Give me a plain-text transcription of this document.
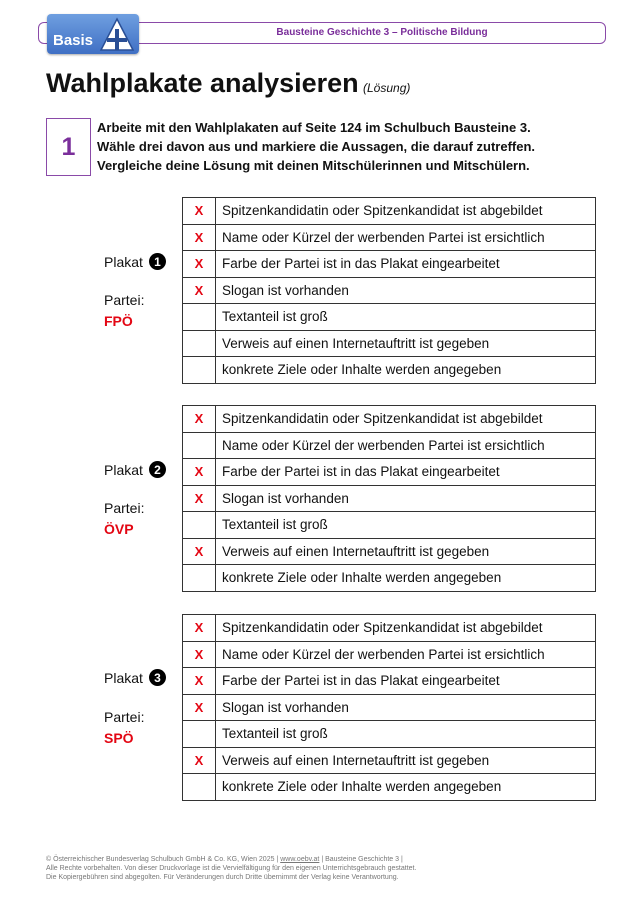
Bausteine Geschichte 3 – Politische Bildung
Basis
Wahlplakate analysieren (Lösung)
1
Arbeite mit den Wahlplakaten auf Seite 124 im Schulbuch Bausteine 3.
Wähle drei davon aus und markiere die Aussagen, die darauf zutreffen.
Vergleiche deine Lösung mit deinen Mitschülerinnen und Mitschülern.
Plakat 1
Partei:
FPÖ
X	Spitzenkandidatin oder Spitzenkandidat ist abgebildet
X	Name oder Kürzel der werbenden Partei ist ersichtlich
X	Farbe der Partei ist in das Plakat eingearbeitet
X	Slogan ist vorhanden
	Textanteil ist groß
	Verweis auf einen Internetauftritt ist gegeben
	konkrete Ziele oder Inhalte werden angegeben
Plakat 2
Partei:
ÖVP
X	Spitzenkandidatin oder Spitzenkandidat ist abgebildet
	Name oder Kürzel der werbenden Partei ist ersichtlich
X	Farbe der Partei ist in das Plakat eingearbeitet
X	Slogan ist vorhanden
	Textanteil ist groß
X	Verweis auf einen Internetauftritt ist gegeben
	konkrete Ziele oder Inhalte werden angegeben
Plakat 3
Partei:
SPÖ
X	Spitzenkandidatin oder Spitzenkandidat ist abgebildet
X	Name oder Kürzel der werbenden Partei ist ersichtlich
X	Farbe der Partei ist in das Plakat eingearbeitet
X	Slogan ist vorhanden
	Textanteil ist groß
X	Verweis auf einen Internetauftritt ist gegeben
	konkrete Ziele oder Inhalte werden angegeben
© Österreichischer Bundesverlag Schulbuch GmbH & Co. KG, Wien 2025 | www.oebv.at | Bausteine Geschichte 3 |
Alle Rechte vorbehalten. Von dieser Druckvorlage ist die Vervielfältigung für den eigenen Unterrichtsgebrauch gestattet.
Die Kopiergebühren sind abgegolten. Für Veränderungen durch Dritte übernimmt der Verlag keine Verantwortung.
